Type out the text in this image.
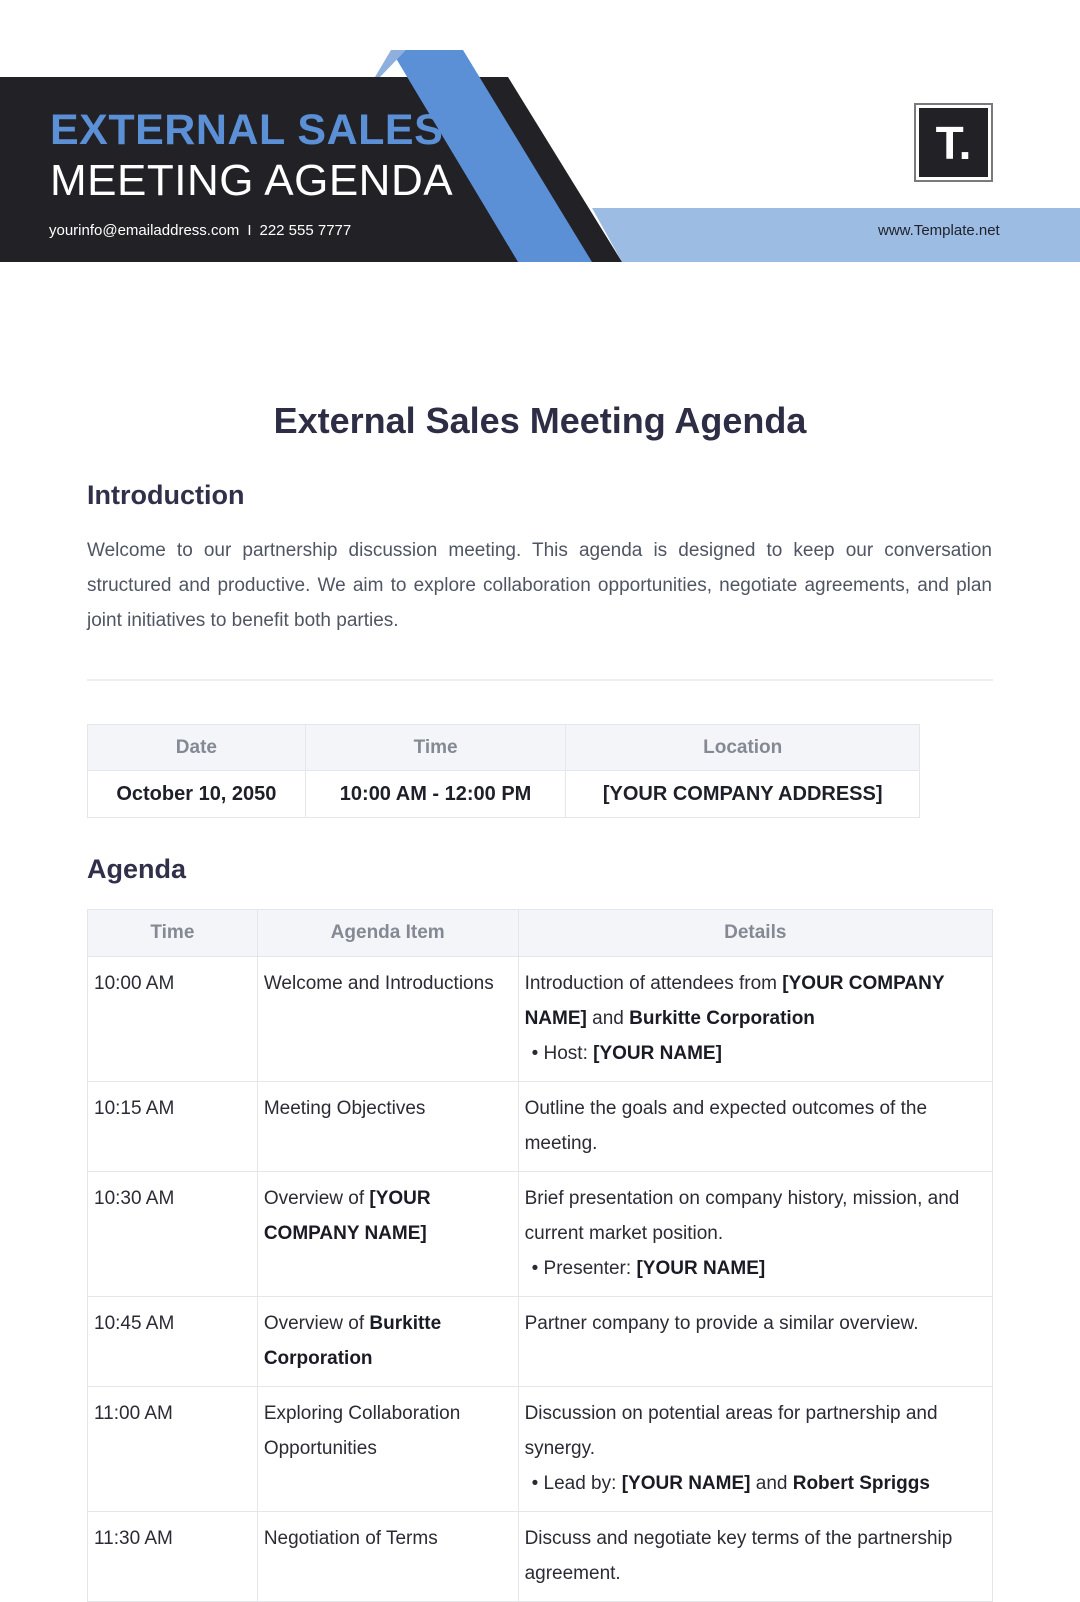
EXTERNAL SALES
MEETING AGENDA
yourinfo@emailaddress.com I 222 555 7777	www.Template.net
T.
External Sales Meeting Agenda
Introduction

Welcome to our partnership discussion meeting. This agenda is designed to keep our conversation structured and productive. We aim to explore collaboration opportunities, negotiate agreements, and plan joint initiatives to benefit both parties.

Date	Time	Location
October 10, 2050	10:00 AM - 12:00 PM	[YOUR COMPANY ADDRESS]
Agenda
Time	Agenda Item	Details
10:00 AM	Welcome and Introductions	Introduction of attendees from [YOUR COMPANY NAME] and Burkitte Corporation
• Host: [YOUR NAME]

10:15 AM	Meeting Objectives	Outline the goals and expected outcomes of the meeting.
10:30 AM	Overview of [YOUR COMPANY NAME]	Brief presentation on company history, mission, and current market position.
• Presenter: [YOUR NAME]

10:45 AM	Overview of Burkitte Corporation	Partner company to provide a similar overview.
11:00 AM	Exploring Collaboration Opportunities	Discussion on potential areas for partnership and synergy.
• Lead by: [YOUR NAME] and Robert Spriggs

11:30 AM	Negotiation of Terms	Discuss and negotiate key terms of the partnership agreement.
